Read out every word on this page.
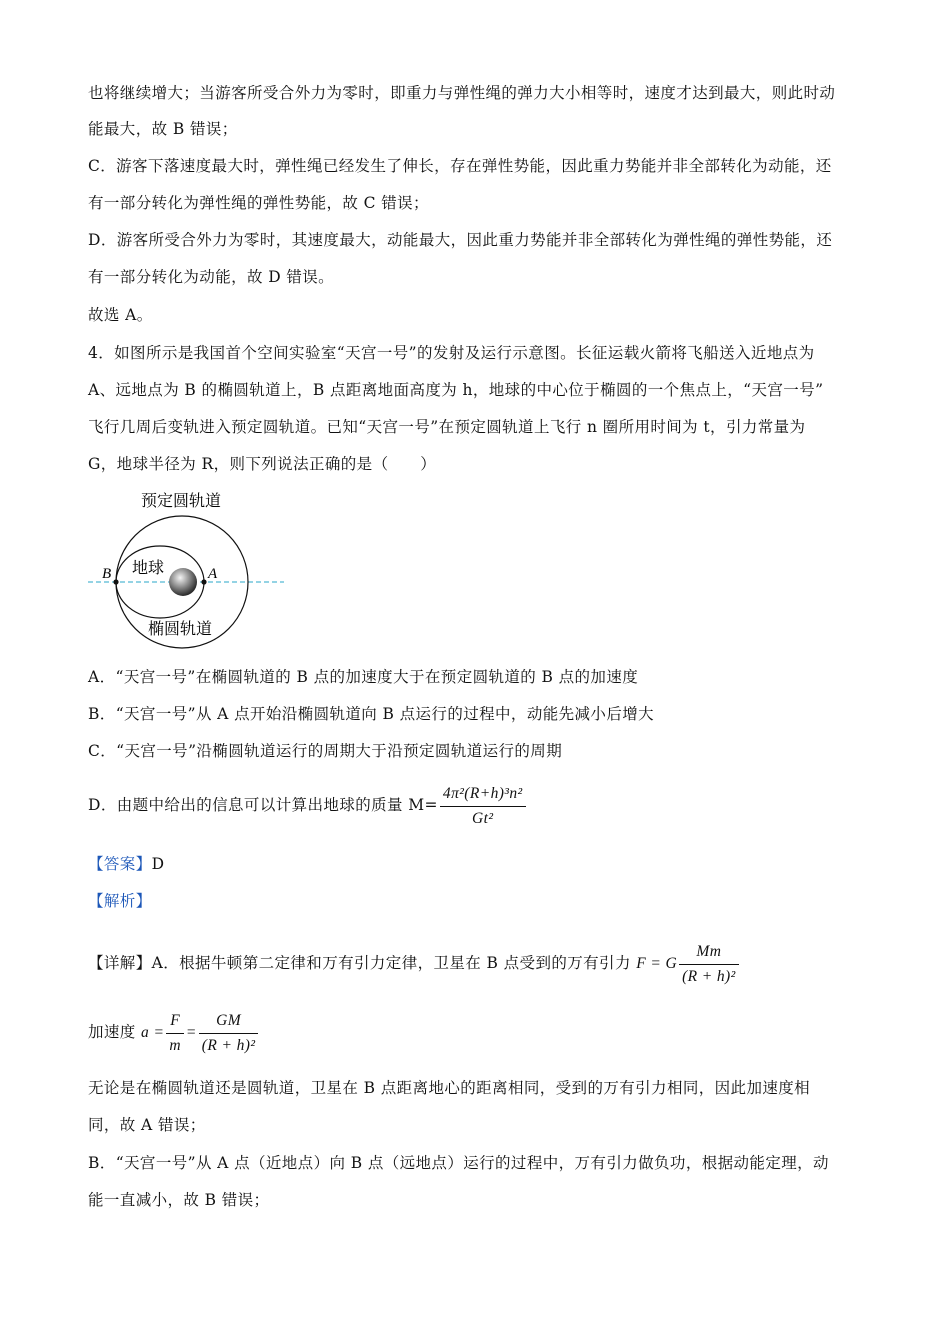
也将继续增大；当游客所受合外力为零时，即重力与弹性绳的弹力大小相等时，速度才达到最大，则此时动
能最大，故 B 错误；
C．游客下落速度最大时，弹性绳已经发生了伸长，存在弹性势能，因此重力势能并非全部转化为动能，还
有一部分转化为弹性绳的弹性势能，故 C 错误；
D．游客所受合外力为零时，其速度最大，动能最大，因此重力势能并非全部转化为弹性绳的弹性势能，还
有一部分转化为动能，故 D 错误。
故选 A。
4．如图所示是我国首个空间实验室“天宫一号”的发射及运行示意图。长征运载火箭将飞船送入近地点为
A、远地点为 B 的椭圆轨道上，B 点距离地面高度为 h，地球的中心位于椭圆的一个焦点上，“天宫一号”
飞行几周后变轨进入预定圆轨道。已知“天宫一号”在预定圆轨道上飞行 n 圈所用时间为 t，引力常量为
G，地球半径为 R，则下列说法正确的是（　　）
预定圆轨道
地球
椭圆轨道
B	A
A．“天宫一号”在椭圆轨道的 B 点的加速度大于在预定圆轨道的 B 点的加速度
B．“天宫一号”从 A 点开始沿椭圆轨道向 B 点运行的过程中，动能先减小后增大
C．“天宫一号”沿椭圆轨道运行的周期大于沿预定圆轨道运行的周期
D．由题中给出的信息可以计算出地球的质量 $M= \frac{\text{4π²(R+h)³n²}}{\text{Gt²}}$
【答案】D
【解析】
【详解】A．根据牛顿第二定律和万有引力定律，卫星在 B 点受到的万有引力 F = G $\frac{Mm}{\text{(R + h)²}}$
加速度 $a = \frac{F}{m} = \frac{GM}{\text{(R + h)²}}$
无论是在椭圆轨道还是圆轨道，卫星在 B 点距离地心的距离相同，受到的万有引力相同，因此加速度相
同，故 A 错误；
B．“天宫一号”从 A 点（近地点）向 B 点（远地点）运行的过程中，万有引力做负功，根据动能定理，动
能一直减小，故 B 错误；
